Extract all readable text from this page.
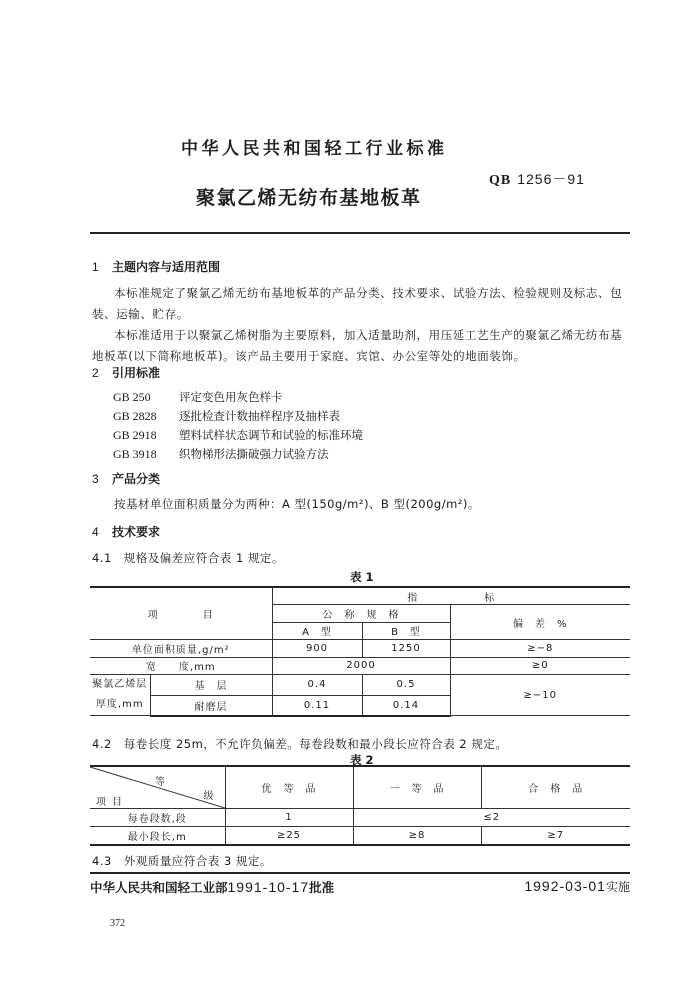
中华人民共和国轻工行业标准
QB 1256－91
聚氯乙烯无纺布基地板革
1 主题内容与适用范围
本标准规定了聚氯乙烯无纺布基地板革的产品分类、技术要求、试验方法、检验规则及标志、包装、运输、贮存。
本标准适用于以聚氯乙烯树脂为主要原料，加入适量助剂，用压延工艺生产的聚氯乙烯无纺布基地板革(以下简称地板革)。该产品主要用于家庭、宾馆、办公室等处的地面装饰。
2 引用标准
GB 250 评定变色用灰色样卡
GB 2828 逐批检查计数抽样程序及抽样表
GB 2918 塑料试样状态调节和试验的标准环境
GB 3918 织物梯形法撕破强力试验方法
3 产品分类
按基材单位面积质量分为两种：A 型(150g/m²)、B 型(200g/m²)。
4 技术要求
4.1　规格及偏差应符合表 1 规定。
表 1
项　　　　目		指　　　　　　标		
		公　称　规　格		偏　差　%
		A　型	B　型	
单位面积质量,g/m²		900	1250	≥−8
宽　　度,mm		2000		≥0

聚氯乙烯层
厚度,mm	基　层	0.4	0.5	≥−10
	耐磨层	0.11	0.14	
4.2　每卷长度 25m，不允许负偏差。每卷段数和最小段长应符合表 2 规定。
表 2
等
级
项目	优　等　品	一　等　品	合　格　品
每卷段数,段	1	≤2	
最小段长,m	≥25	≥8	≥7
4.3　外观质量应符合表 3 规定。
中华人民共和国轻工业部1991-10-17批准	1992-03-01实施
372
